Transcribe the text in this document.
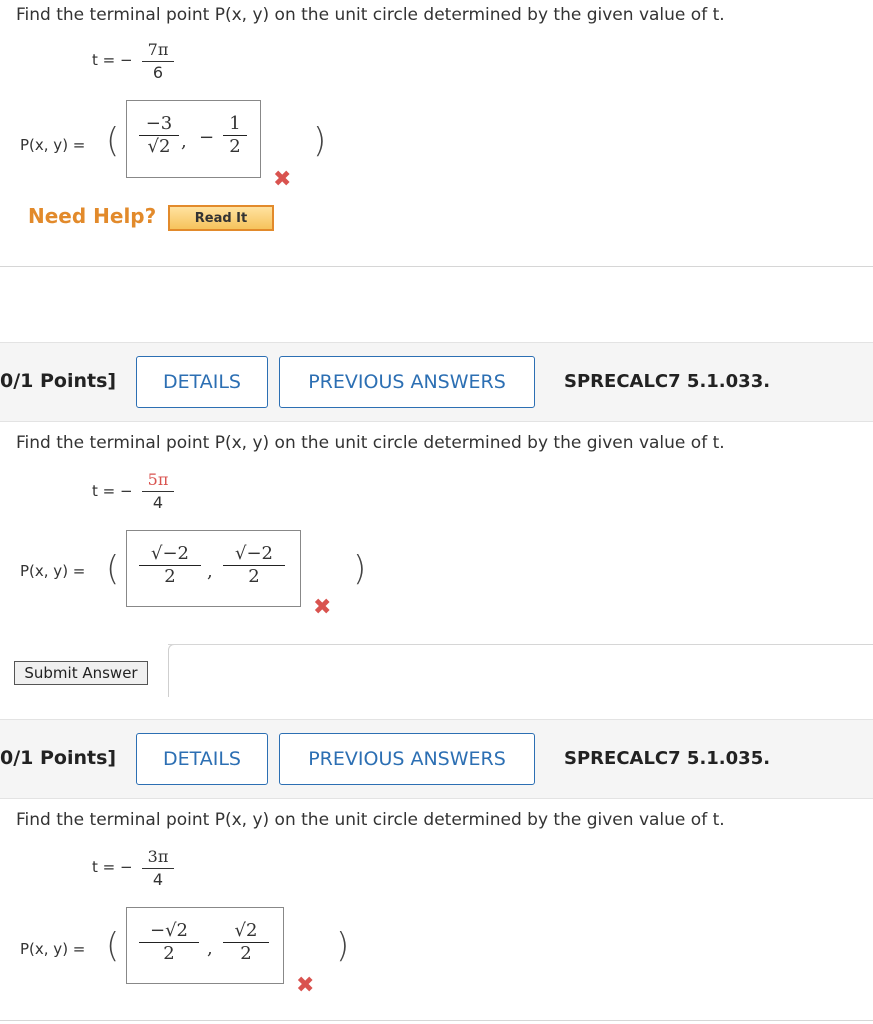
Find the terminal point P(x, y) on the unit circle determined by the given value of t.
t = −
7π
6
P(x, y) = (	−3
√2 , −
1
2 )
✖
Need Help?	Read It
0/1 Points]	DETAILS	PREVIOUS ANSWERS	SPRECALC7 5.1.033.
Find the terminal point P(x, y) on the unit circle determined by the given value of t.
t = −
5π
4
P(x, y) = (	√−2
2	,
√−2
2	)
✖
Submit Answer
0/1 Points]	DETAILS	PREVIOUS ANSWERS	SPRECALC7 5.1.035.
Find the terminal point P(x, y) on the unit circle determined by the given value of t.
t = −
3π
4
P(x, y) = (	−√2
2	,
√2
2	)
✖
